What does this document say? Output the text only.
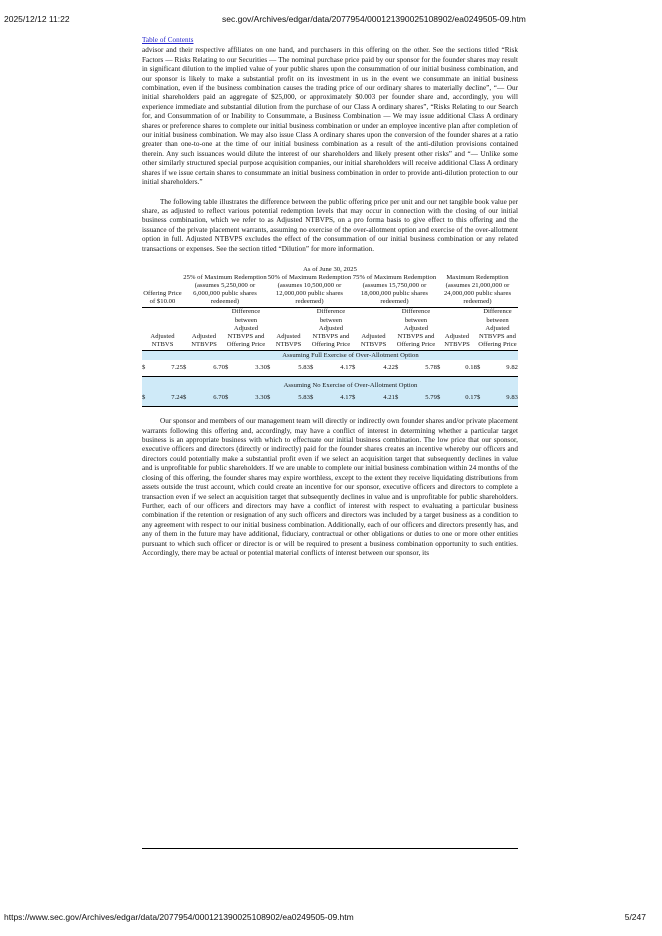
2025/12/12 11:22	sec.gov/Archives/edgar/data/2077954/000121390025108902/ea0249505-09.htm
Table of Contents

advisor and their respective affiliates on one hand, and purchasers in this offering on the other. See the sections titled “Risk Factors — Risks Relating to our Securities — The nominal purchase price paid by our sponsor for the founder shares may result in significant dilution to the implied value of your public shares upon the consummation of our initial business combination, and our sponsor is likely to make a substantial profit on its investment in us in the event we consummate an initial business combination, even if the business combination causes the trading price of our ordinary shares to materially decline”, “— Our initial shareholders paid an aggregate of $25,000, or approximately $0.003 per founder share and, accordingly, you will experience immediate and substantial dilution from the purchase of our Class A ordinary shares”, “Risks Relating to our Search for, and Consummation of or Inability to Consummate, a Business Combination — We may issue additional Class A ordinary shares or preference shares to complete our initial business combination or under an employee incentive plan after completion of our initial business combination. We may also issue Class A ordinary shares upon the conversion of the founder shares at a ratio greater than one-to-one at the time of our initial business combination as a result of the anti-dilution provisions contained therein. Any such issuances would dilute the interest of our shareholders and likely present other risks” and “— Unlike some other similarly structured special purpose acquisition companies, our initial shareholders will receive additional Class A ordinary shares if we issue certain shares to consummate an initial business combination in order to provide anti-dilution protection to our initial shareholders.”

The following table illustrates the difference between the public offering price per unit and our net tangible book value per share, as adjusted to reflect various potential redemption levels that may occur in connection with the closing of our initial business combination, which we refer to as Adjusted NTBVPS, on a pro forma basis to give effect to this offering and the issuance of the private placement warrants, assuming no exercise of the over-allotment option and exercise of the over-allotment option in full. Adjusted NTBVPS excludes the effect of the consummation of our initial business combination or any related transactions or expenses. See the section titled “Dilution” for more information.

As of June 30, 2025								
Offering Price of $10.00	25% of Maximum Redemption (assumes 5,250,000 or 6,000,000 public shares redeemed)		50% of Maximum Redemption (assumes 10,500,000 or 12,000,000 public shares redeemed)		75% of Maximum Redemption (assumes 15,750,000 or 18,000,000 public shares redeemed)		Maximum Redemption (assumes 21,000,000 or 24,000,000 public shares redeemed)	
Adjusted NTBVS	Adjusted NTBVPS	Difference between Adjusted NTBVPS and Offering Price	Adjusted NTBVPS	Difference between Adjusted NTBVPS and Offering Price	Adjusted NTBVPS	Difference between Adjusted NTBVPS and Offering Price	Adjusted NTBVPS	Difference between Adjusted NTBVPS and Offering Price
	Assuming Full Exercise of Over-Allotment Option							

$ 7.25	$ 6.70	$ 3.30	$ 5.83	$ 4.17	$ 4.22	$ 5.78	$ 0.18	$ 9.82

	Assuming No Exercise of Over-Allotment Option							

$ 7.24	$ 6.70	$ 3.30	$ 5.83	$ 4.17	$ 4.21	$ 5.79	$ 0.17	$ 9.83

Our sponsor and members of our management team will directly or indirectly own founder shares and/or private placement warrants following this offering and, accordingly, may have a conflict of interest in determining whether a particular target business is an appropriate business with which to effectuate our initial business combination. The low price that our sponsor, executive officers and directors (directly or indirectly) paid for the founder shares creates an incentive whereby our officers and directors could potentially make a substantial profit even if we select an acquisition target that subsequently declines in value and is unprofitable for public shareholders. If we are unable to complete our initial business combination within 24 months of the closing of this offering, the founder shares may expire worthless, except to the extent they receive liquidating distributions from assets outside the trust account, which could create an incentive for our sponsor, executive officers and directors to complete a transaction even if we select an acquisition target that subsequently declines in value and is unprofitable for public shareholders. Further, each of our officers and directors may have a conflict of interest with respect to evaluating a particular business combination if the retention or resignation of any such officers and directors was included by a target business as a condition to any agreement with respect to our initial business combination. Additionally, each of our officers and directors presently has, and any of them in the future may have additional, fiduciary, contractual or other obligations or duties to one or more other entities pursuant to which such officer or director is or will be required to present a business combination opportunity to such entities. Accordingly, there may be actual or potential material conflicts of interest between our sponsor, its

https://www.sec.gov/Archives/edgar/data/2077954/000121390025108902/ea0249505-09.htm	5/247
